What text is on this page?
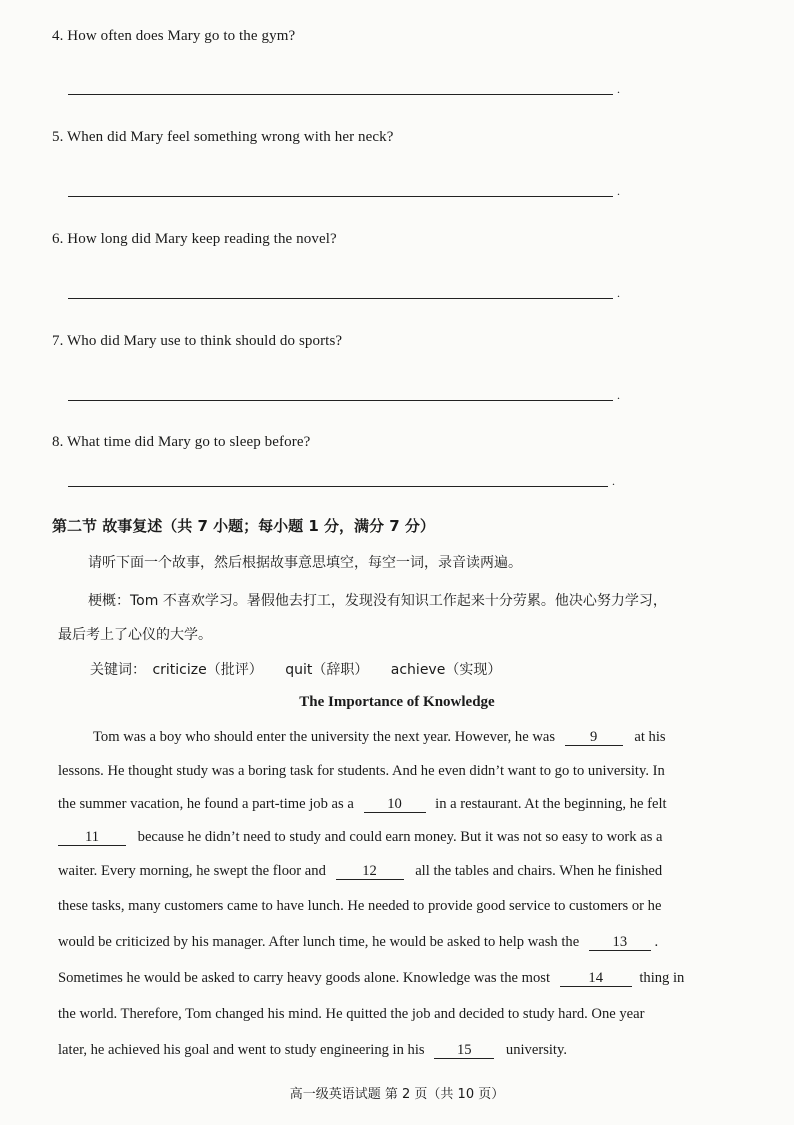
4. How often does Mary go to the gym?
.
5. When did Mary feel something wrong with her neck?
.
6. How long did Mary keep reading the novel?
.
7. Who did Mary use to think should do sports?
.
8. What time did Mary go to sleep before?
.
第二节 故事复述（共 7 小题；每小题 1 分，满分 7 分）
请听下面一个故事，然后根据故事意思填空，每空一词，录音读两遍。
梗概：Tom 不喜欢学习。暑假他去打工，发现没有知识工作起来十分劳累。他决心努力学习，
最后考上了心仪的大学。
关键词： criticize（批评） quit（辞职） achieve（实现）
The Importance of Knowledge
Tom was a boy who should enter the university the next year. However, he was 9	at his
lessons. He thought study was a boring task for students. And he even didn’t want to go to university. In
the summer vacation, he found a part-time job as a 10 in a restaurant. At the beginning, he felt
11	because he didn’t need to study and could earn money. But it was not so easy to work as a
waiter. Every morning, he swept the floor and 12	all the tables and chairs. When he finished
these tasks, many customers came to have lunch. He needed to provide good service to customers or he
would be criticized by his manager. After lunch time, he would be asked to help wash the 13 .
Sometimes he would be asked to carry heavy goods alone. Knowledge was the most	14 thing in
the world. Therefore, Tom changed his mind. He quitted the job and decided to study hard. One year
later, he achieved his goal and went to study engineering in his 15 university.
高一级英语试题 第 2 页（共 10 页）
